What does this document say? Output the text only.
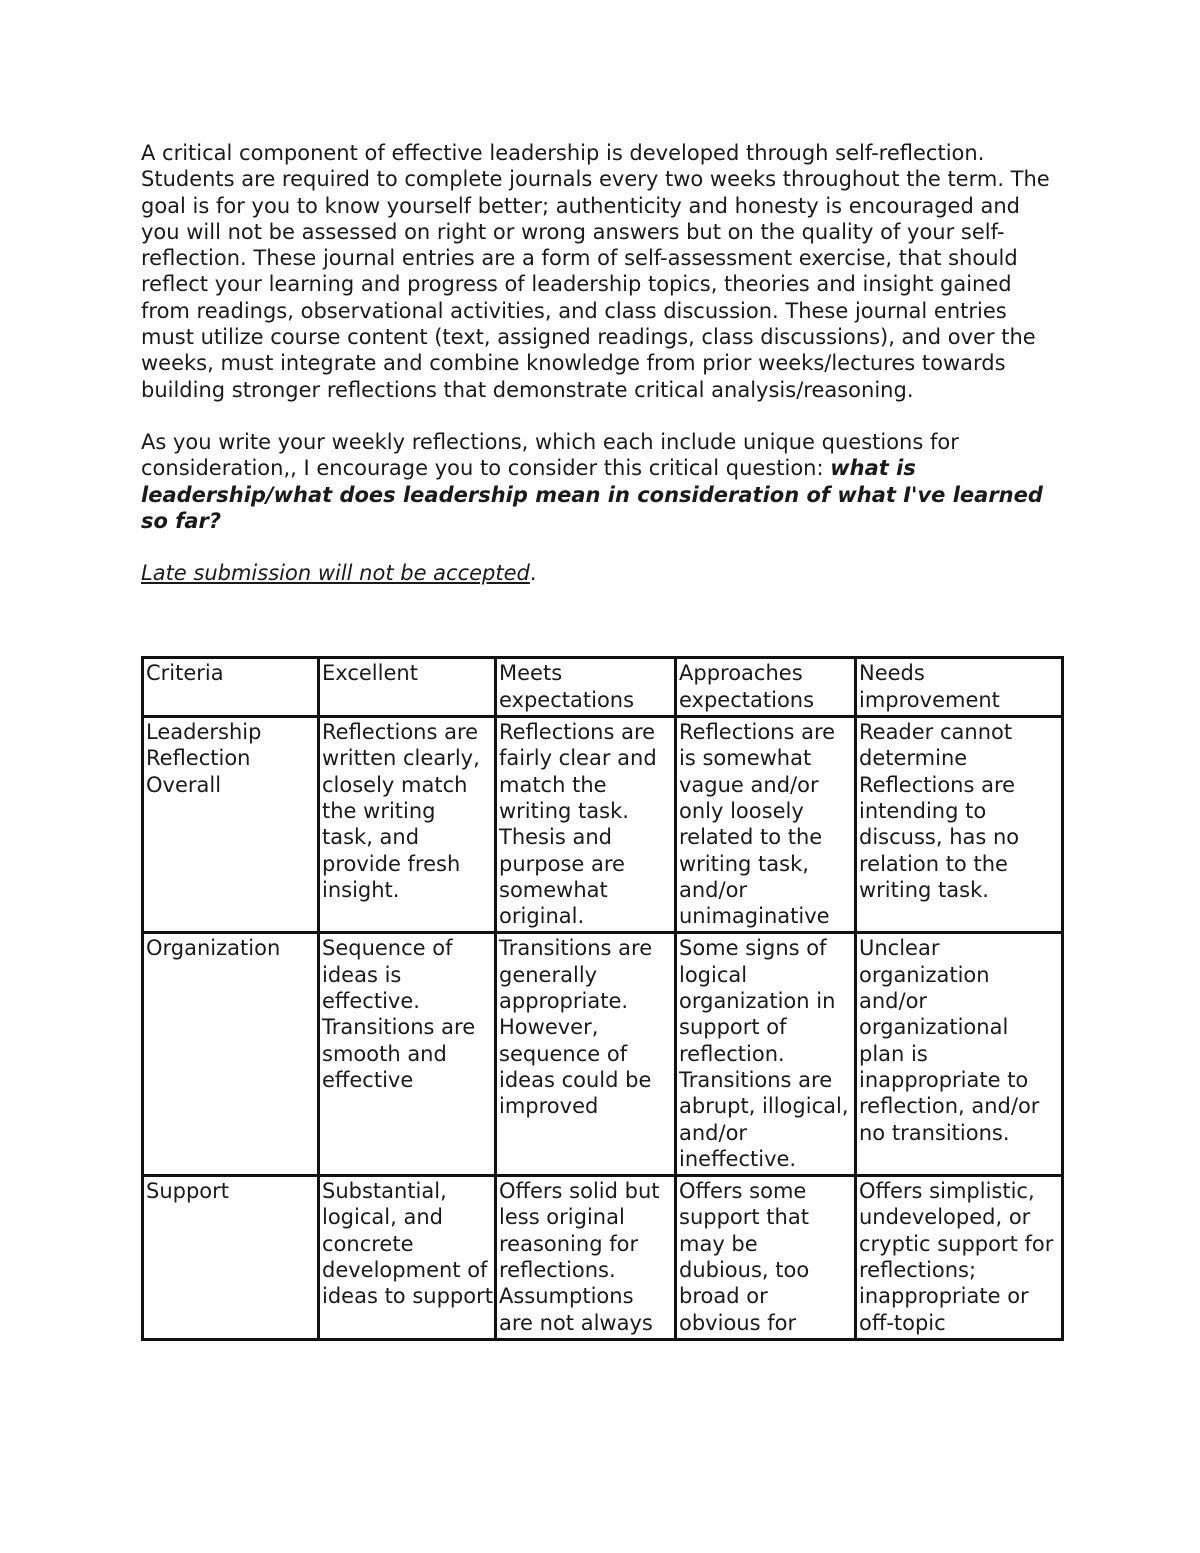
A critical component of effective leadership is developed through self-reflection. Students are required to complete journals every two weeks throughout the term. The goal is for you to know yourself better; authenticity and honesty is encouraged and you will not be assessed on right or wrong answers but on the quality of your self-reflection. These journal entries are a form of self-assessment exercise, that should reflect your learning and progress of leadership topics, theories and insight gained from readings, observational activities, and class discussion. These journal entries must utilize course content (text, assigned readings, class discussions), and over the weeks, must integrate and combine knowledge from prior weeks/lectures towards building stronger reflections that demonstrate critical analysis/reasoning.

As you write your weekly reflections, which each include unique questions for consideration,, I encourage you to consider this critical question: what is leadership/what does leadership mean in consideration of what I've learned so far?

Late submission will not be accepted.

Criteria	Excellent	Meets expectations	Approaches expectations	Needs improvement
Leadership Reflection Overall	Reflections are written clearly, closely match the writing task, and provide fresh insight.	Reflections are fairly clear and match the writing task. Thesis and purpose are somewhat original.	Reflections are is somewhat vague and/or only loosely related to the writing task, and/or unimaginative	Reader cannot determine Reflections are intending to discuss, has no relation to the writing task.
Organization	Sequence of ideas is effective. Transitions are smooth and effective	Transitions are generally appropriate. However, sequence of ideas could be improved	Some signs of logical organization in support of reflection. Transitions are abrupt, illogical, and/or ineffective.	Unclear organization and/or organizational plan is inappropriate to reflection, and/or no transitions.
Support	Substantial, logical, and concrete development of ideas to support	Offers solid but less original reasoning for reflections. Assumptions are not always	Offers some support that may be dubious, too broad or obvious for	Offers simplistic, undeveloped, or cryptic support for reflections; inappropriate or off-topic
